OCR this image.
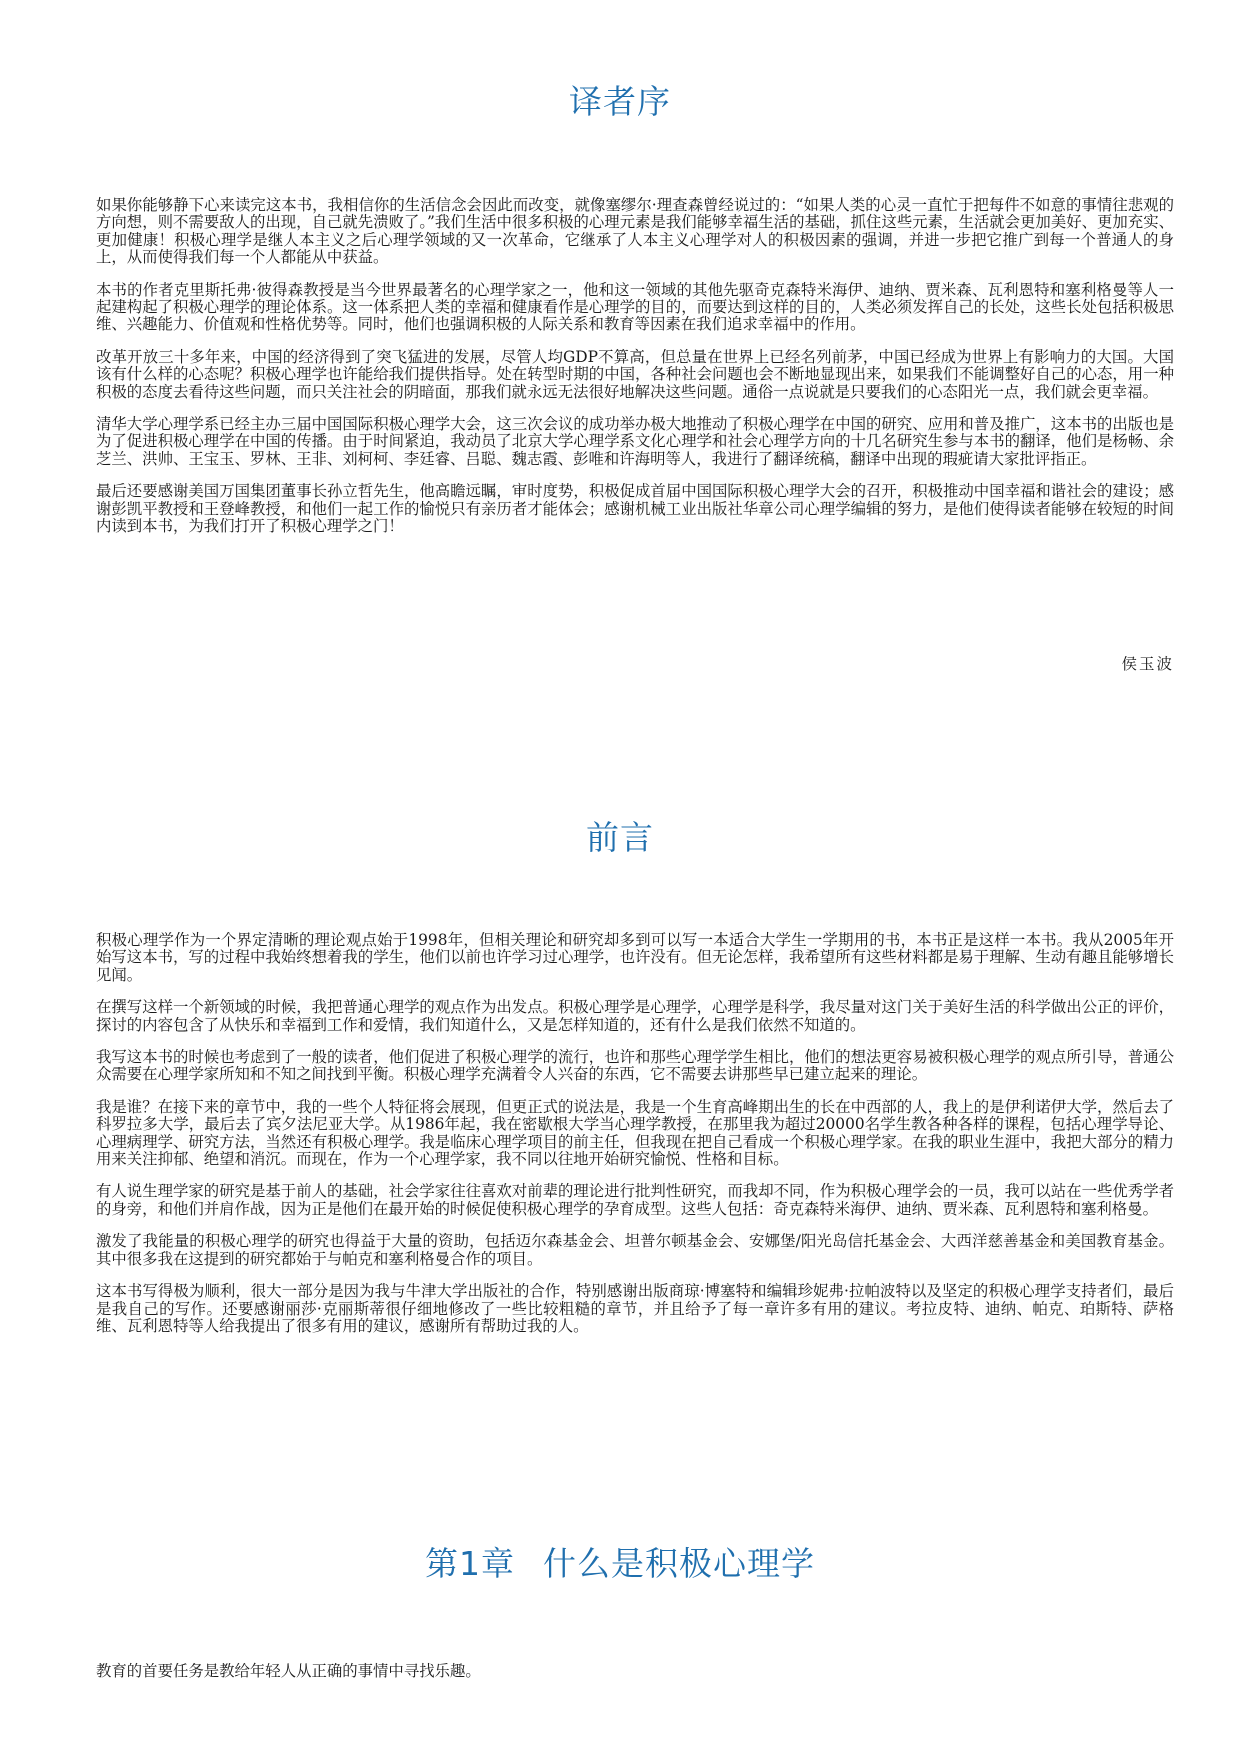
译者序

如果你能够静下心来读完这本书，我相信你的生活信念会因此而改变，就像塞缪尔·理查森曾经说过的：“如果人类的心灵一直忙于把每件不如意的事情往悲观的方向想，则不需要敌人的出现，自己就先溃败了。”我们生活中很多积极的心理元素是我们能够幸福生活的基础，抓住这些元素，生活就会更加美好、更加充实、更加健康！积极心理学是继人本主义之后心理学领域的又一次革命，它继承了人本主义心理学对人的积极因素的强调，并进一步把它推广到每一个普通人的身上，从而使得我们每一个人都能从中获益。

本书的作者克里斯托弗·彼得森教授是当今世界最著名的心理学家之一，他和这一领域的其他先驱奇克森特米海伊、迪纳、贾米森、瓦利恩特和塞利格曼等人一起建构起了积极心理学的理论体系。这一体系把人类的幸福和健康看作是心理学的目的，而要达到这样的目的，人类必须发挥自己的长处，这些长处包括积极思维、兴趣能力、价值观和性格优势等。同时，他们也强调积极的人际关系和教育等因素在我们追求幸福中的作用。

改革开放三十多年来，中国的经济得到了突飞猛进的发展，尽管人均GDP不算高，但总量在世界上已经名列前茅，中国已经成为世界上有影响力的大国。大国该有什么样的心态呢？积极心理学也许能给我们提供指导。处在转型时期的中国，各种社会问题也会不断地显现出来，如果我们不能调整好自己的心态，用一种积极的态度去看待这些问题，而只关注社会的阴暗面，那我们就永远无法很好地解决这些问题。通俗一点说就是只要我们的心态阳光一点，我们就会更幸福。

清华大学心理学系已经主办三届中国国际积极心理学大会，这三次会议的成功举办极大地推动了积极心理学在中国的研究、应用和普及推广，这本书的出版也是为了促进积极心理学在中国的传播。由于时间紧迫，我动员了北京大学心理学系文化心理学和社会心理学方向的十几名研究生参与本书的翻译，他们是杨畅、余芝兰、洪帅、王宝玉、罗林、王非、刘柯柯、李廷睿、吕聪、魏志霞、彭唯和许海明等人，我进行了翻译统稿，翻译中出现的瑕疵请大家批评指正。

最后还要感谢美国万国集团董事长孙立哲先生，他高瞻远瞩，审时度势，积极促成首届中国国际积极心理学大会的召开，积极推动中国幸福和谐社会的建设；感谢彭凯平教授和王登峰教授，和他们一起工作的愉悦只有亲历者才能体会；感谢机械工业出版社华章公司心理学编辑的努力，是他们使得读者能够在较短的时间内读到本书，为我们打开了积极心理学之门！

侯玉波
前言

积极心理学作为一个界定清晰的理论观点始于1998年，但相关理论和研究却多到可以写一本适合大学生一学期用的书，本书正是这样一本书。我从2005年开始写这本书，写的过程中我始终想着我的学生，他们以前也许学习过心理学，也许没有。但无论怎样，我希望所有这些材料都是易于理解、生动有趣且能够增长见闻。

在撰写这样一个新领域的时候，我把普通心理学的观点作为出发点。积极心理学是心理学，心理学是科学，我尽量对这门关于美好生活的科学做出公正的评价，探讨的内容包含了从快乐和幸福到工作和爱情，我们知道什么，又是怎样知道的，还有什么是我们依然不知道的。

我写这本书的时候也考虑到了一般的读者，他们促进了积极心理学的流行，也许和那些心理学学生相比，他们的想法更容易被积极心理学的观点所引导，普通公众需要在心理学家所知和不知之间找到平衡。积极心理学充满着令人兴奋的东西，它不需要去讲那些早已建立起来的理论。

我是谁？在接下来的章节中，我的一些个人特征将会展现，但更正式的说法是，我是一个生育高峰期出生的长在中西部的人，我上的是伊利诺伊大学，然后去了科罗拉多大学，最后去了宾夕法尼亚大学。从1986年起，我在密歇根大学当心理学教授，在那里我为超过20000名学生教各种各样的课程，包括心理学导论、心理病理学、研究方法，当然还有积极心理学。我是临床心理学项目的前主任，但我现在把自己看成一个积极心理学家。在我的职业生涯中，我把大部分的精力用来关注抑郁、绝望和消沉。而现在，作为一个心理学家，我不同以往地开始研究愉悦、性格和目标。

有人说生理学家的研究是基于前人的基础，社会学家往往喜欢对前辈的理论进行批判性研究，而我却不同，作为积极心理学会的一员，我可以站在一些优秀学者的身旁，和他们并肩作战，因为正是他们在最开始的时候促使积极心理学的孕育成型。这些人包括：奇克森特米海伊、迪纳、贾米森、瓦利恩特和塞利格曼。

激发了我能量的积极心理学的研究也得益于大量的资助，包括迈尔森基金会、坦普尔顿基金会、安娜堡/阳光岛信托基金会、大西洋慈善基金和美国教育基金。其中很多我在这提到的研究都始于与帕克和塞利格曼合作的项目。

这本书写得极为顺利，很大一部分是因为我与牛津大学出版社的合作，特别感谢出版商琼·博塞特和编辑珍妮弗·拉帕波特以及坚定的积极心理学支持者们，最后是我自己的写作。还要感谢丽莎·克丽斯蒂很仔细地修改了一些比较粗糙的章节，并且给予了每一章许多有用的建议。考拉皮特、迪纳、帕克、珀斯特、萨格维、瓦利恩特等人给我提出了很多有用的建议，感谢所有帮助过我的人。

第1章 什么是积极心理学
教育的首要任务是教给年轻人从正确的事情中寻找乐趣。
